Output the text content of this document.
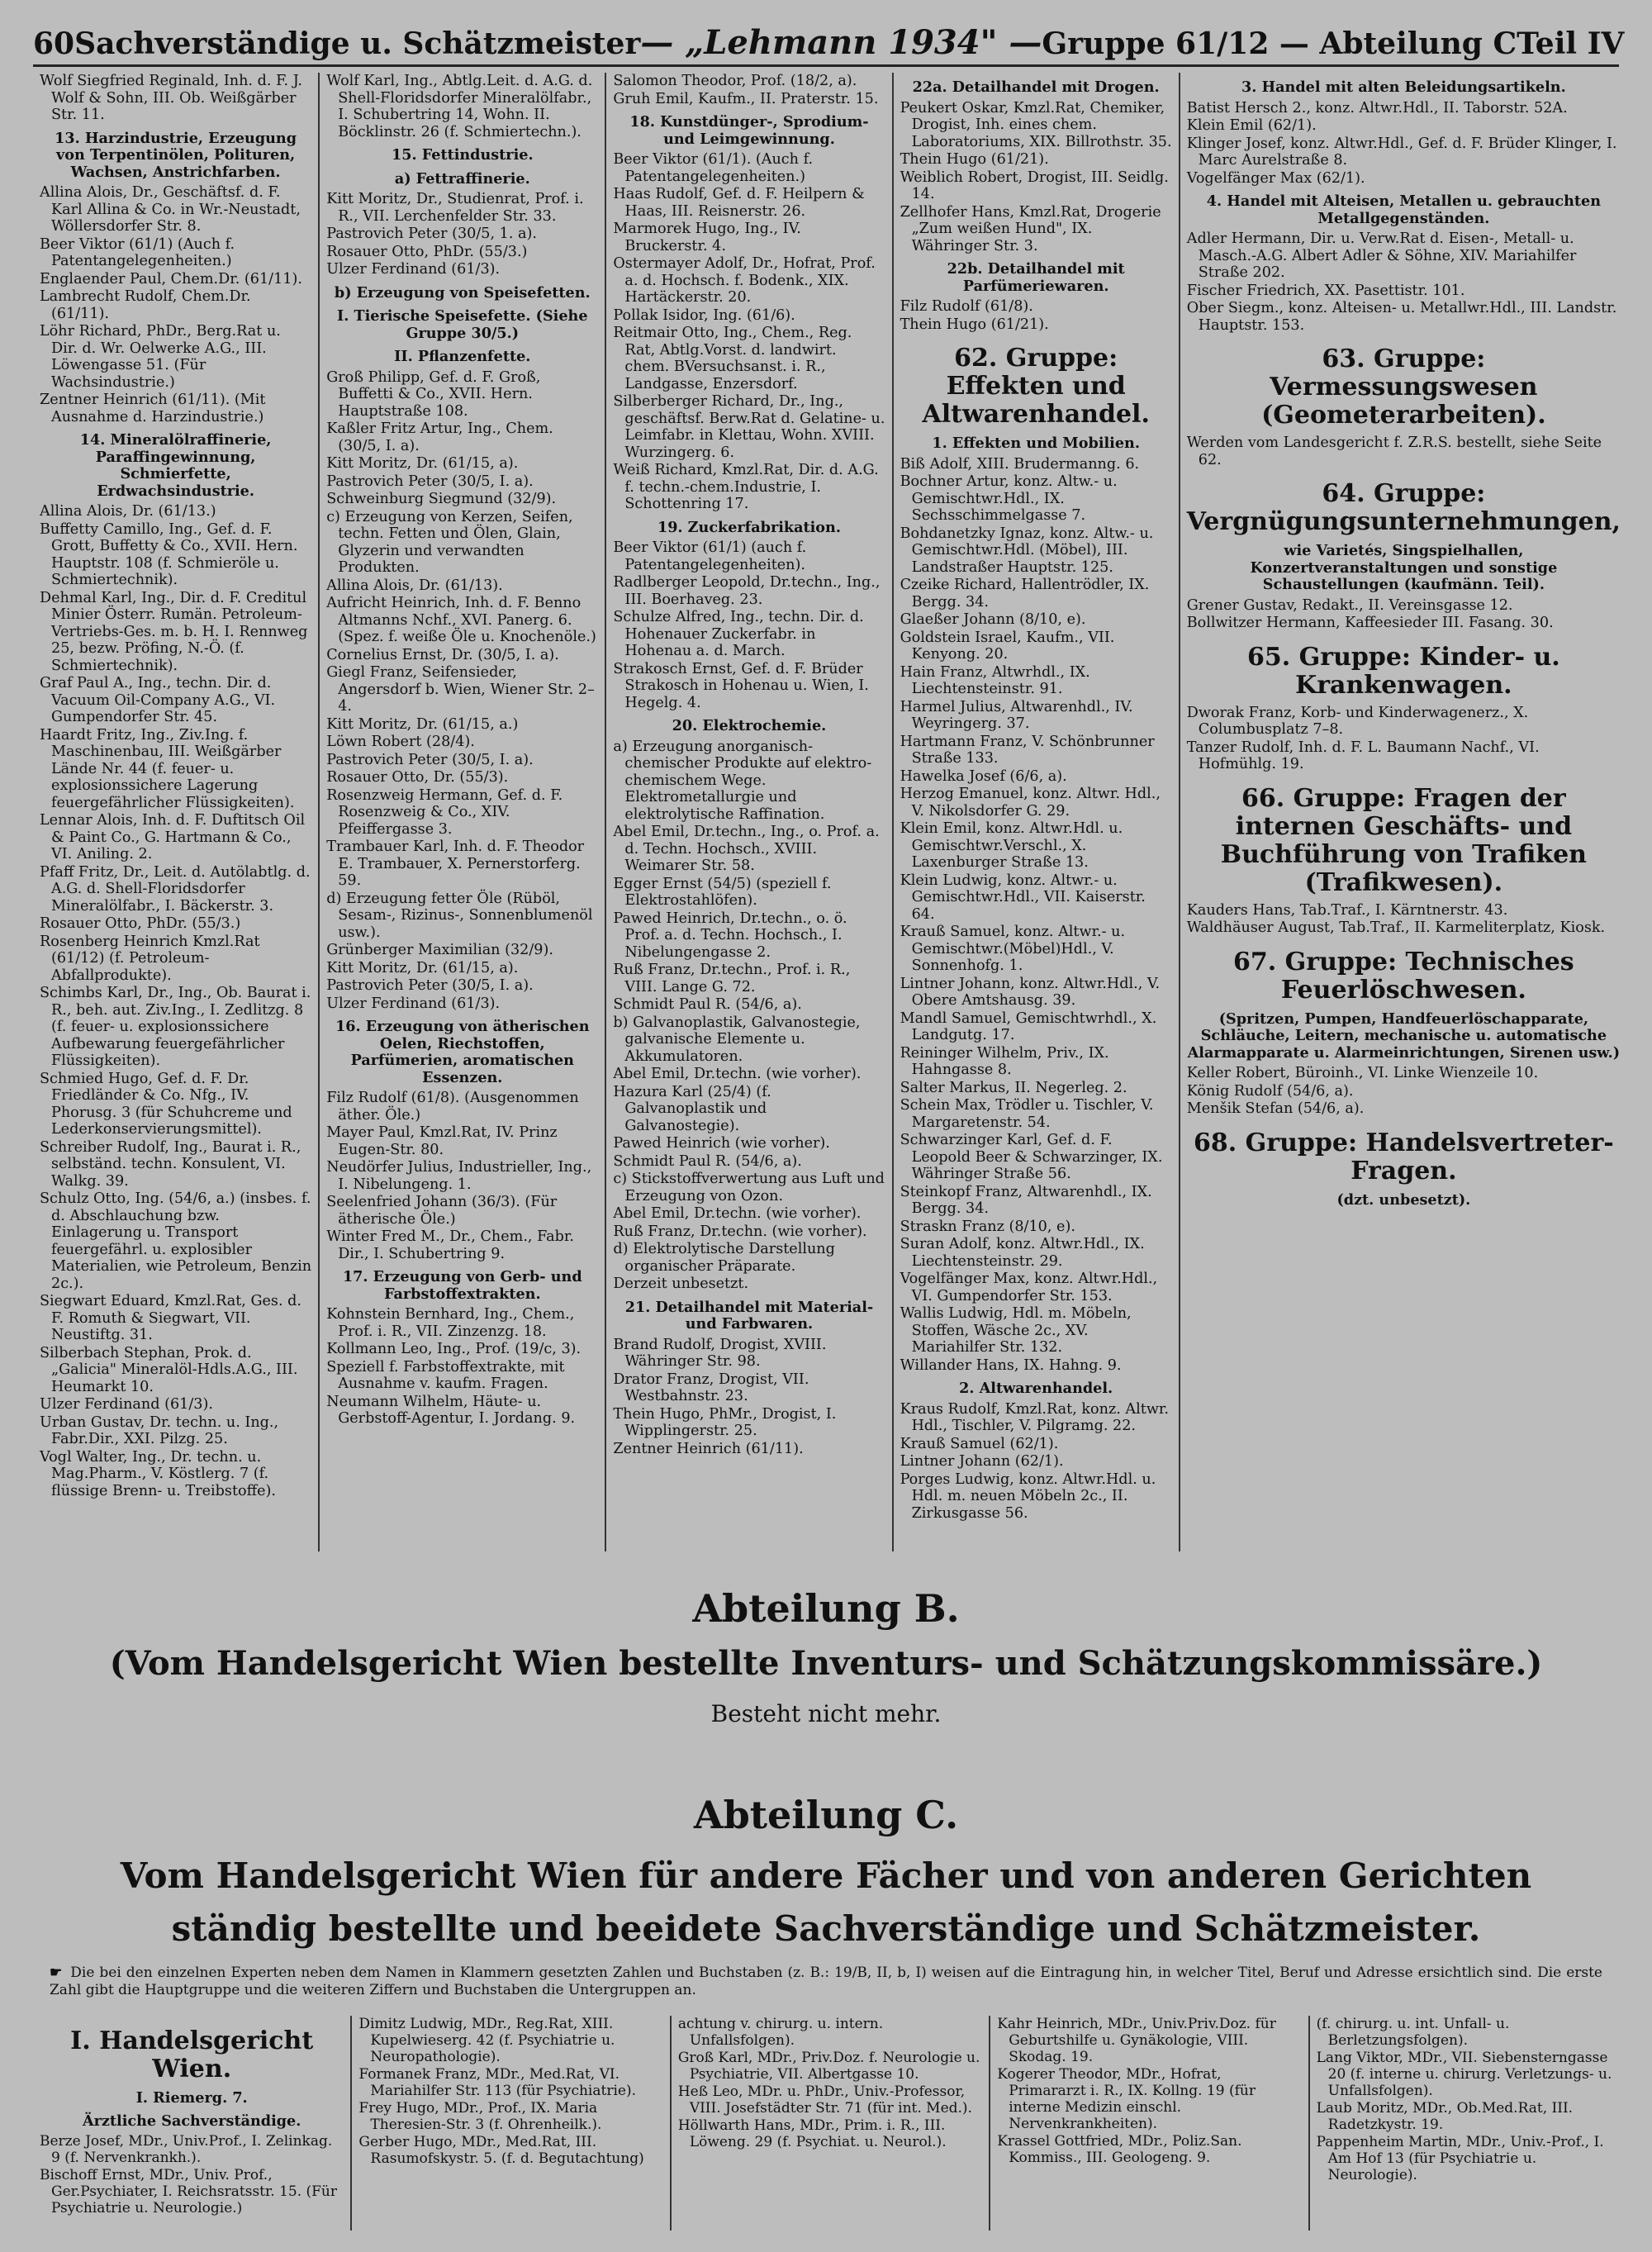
60 Sachverständige u. Schätzmeister — „Lehmann 1934" — Gruppe 61/12 — Abteilung C Teil IV
Wolf Siegfried Reginald, Inh. d. F. J. Wolf & Sohn, III. Ob. Weißgärber Str. 11.
13. Harzindustrie, Erzeugung von Terpentinölen, Polituren, Wachsen, Anstrichfarben.
Allina Alois, Dr., Geschäftsf. d. F. Karl Allina & Co. in Wr.-Neustadt, Wöllersdorfer Str. 8.
Beer Viktor (61/1) (Auch f. Patentangelegenheiten.)
Englaender Paul, Chem.Dr. (61/11).
Lambrecht Rudolf, Chem.Dr. (61/11).
Löhr Richard, PhDr., Berg.Rat u. Dir. d. Wr. Oelwerke A.G., III. Löwengasse 51. (Für Wachsindustrie.)
Zentner Heinrich (61/11). (Mit Ausnahme d. Harzindustrie.)
14. Mineralölraffinerie, Paraffingewinnung, Schmierfette, Erdwachsindustrie.
Allina Alois, Dr. (61/13.)
Buffetty Camillo, Ing., Gef. d. F. Grott, Buffetty & Co., XVII. Hern. Hauptstr. 108 (f. Schmieröle u. Schmiertechnik).
Dehmal Karl, Ing., Dir. d. F. Creditul Minier Österr. Rumän. Petroleum-Vertriebs-Ges. m. b. H. I. Rennweg 25, bezw. Pröfing, N.-Ö. (f. Schmiertechnik).
Graf Paul A., Ing., techn. Dir. d. Vacuum Oil-Company A.G., VI. Gumpendorfer Str. 45.
Haardt Fritz, Ing., Ziv.Ing. f. Maschinenbau, III. Weißgärber Lände Nr. 44 (f. feuer- u. explosionssichere Lagerung feuergefährlicher Flüssigkeiten).
Lennar Alois, Inh. d. F. Duftitsch Oil & Paint Co., G. Hartmann & Co., VI. Aniling. 2.
Pfaff Fritz, Dr., Leit. d. Autölabtlg. d. A.G. d. Shell-Floridsdorfer Mineralölfabr., I. Bäckerstr. 3.
Rosauer Otto, PhDr. (55/3.)
Rosenberg Heinrich Kmzl.Rat (61/12) (f. Petroleum-Abfallprodukte).
Schimbs Karl, Dr., Ing., Ob. Baurat i. R., beh. aut. Ziv.Ing., I. Zedlitzg. 8 (f. feuer- u. explosionssichere Aufbewarung feuergefährlicher Flüssigkeiten).
Schmied Hugo, Gef. d. F. Dr. Friedländer & Co. Nfg., IV. Phorusg. 3 (für Schuhcreme und Lederkonservierungsmittel).
Schreiber Rudolf, Ing., Baurat i. R., selbständ. techn. Konsulent, VI. Walkg. 39.
Schulz Otto, Ing. (54/6, a.) (insbes. f. d. Abschlauchung bzw. Einlagerung u. Transport feuergefährl. u. explosibler Materialien, wie Petroleum, Benzin 2c.).
Siegwart Eduard, Kmzl.Rat, Ges. d. F. Romuth & Siegwart, VII. Neustiftg. 31.
Silberbach Stephan, Prok. d. „Galicia" Mineralöl-Hdls.A.G., III. Heumarkt 10.
Ulzer Ferdinand (61/3).
Urban Gustav, Dr. techn. u. Ing., Fabr.Dir., XXI. Pilzg. 25.
Vogl Walter, Ing., Dr. techn. u. Mag.Pharm., V. Köstlerg. 7 (f. flüssige Brenn- u. Treibstoffe).
Wolf Karl, Ing., Abtlg.Leit. d. A.G. d. Shell-Floridsdorfer Mineralölfabr., I. Schubertring 14, Wohn. II. Böcklinstr. 26 (f. Schmiertechn.).
15. Fettindustrie.
a) Fettraffinerie.
Kitt Moritz, Dr., Studienrat, Prof. i. R., VII. Lerchenfelder Str. 33.
Pastrovich Peter (30/5, 1. a).
Rosauer Otto, PhDr. (55/3.)
Ulzer Ferdinand (61/3).
b) Erzeugung von Speisefetten.
I. Tierische Speisefette. (Siehe Gruppe 30/5.)
II. Pflanzenfette.
Groß Philipp, Gef. d. F. Groß, Buffetti & Co., XVII. Hern. Hauptstraße 108.
Kaßler Fritz Artur, Ing., Chem. (30/5, I. a).
Kitt Moritz, Dr. (61/15, a).
Pastrovich Peter (30/5, I. a).
Schweinburg Siegmund (32/9).
c) Erzeugung von Kerzen, Seifen, techn. Fetten und Ölen, Glain, Glyzerin und verwandten Produkten.
Allina Alois, Dr. (61/13).
Aufricht Heinrich, Inh. d. F. Benno Altmanns Nchf., XVI. Panerg. 6. (Spez. f. weiße Öle u. Knochenöle.)
Cornelius Ernst, Dr. (30/5, I. a).
Giegl Franz, Seifensieder, Angersdorf b. Wien, Wiener Str. 2–4.
Kitt Moritz, Dr. (61/15, a.)
Löwn Robert (28/4).
Pastrovich Peter (30/5, I. a).
Rosauer Otto, Dr. (55/3).
Rosenzweig Hermann, Gef. d. F. Rosenzweig & Co., XIV. Pfeiffergasse 3.
Trambauer Karl, Inh. d. F. Theodor E. Trambauer, X. Pernerstorferg. 59.
d) Erzeugung fetter Öle (Rüböl, Sesam-, Rizinus-, Sonnenblumenöl usw.).
Grünberger Maximilian (32/9).
Kitt Moritz, Dr. (61/15, a).
Pastrovich Peter (30/5, I. a).
Ulzer Ferdinand (61/3).
16. Erzeugung von ätherischen Oelen, Riechstoffen, Parfümerien, aromatischen Essenzen.
Filz Rudolf (61/8). (Ausgenommen äther. Öle.)
Mayer Paul, Kmzl.Rat, IV. Prinz Eugen-Str. 80.
Neudörfer Julius, Industrieller, Ing., I. Nibelungeng. 1.
Seelenfried Johann (36/3). (Für ätherische Öle.)
Winter Fred M., Dr., Chem., Fabr. Dir., I. Schubertring 9.
17. Erzeugung von Gerb- und Farbstoffextrakten.
Kohnstein Bernhard, Ing., Chem., Prof. i. R., VII. Zinzenzg. 18.
Kollmann Leo, Ing., Prof. (19/c, 3).
Speziell f. Farbstoffextrakte, mit Ausnahme v. kaufm. Fragen.
Neumann Wilhelm, Häute- u. Gerbstoff-Agentur, I. Jordang. 9.
Salomon Theodor, Prof. (18/2, a).
Gruh Emil, Kaufm., II. Praterstr. 15.
18. Kunstdünger-, Sprodium- und Leimgewinnung.
Beer Viktor (61/1). (Auch f. Patentangelegenheiten.)
Haas Rudolf, Gef. d. F. Heilpern & Haas, III. Reisnerstr. 26.
Marmorek Hugo, Ing., IV. Bruckerstr. 4.
Ostermayer Adolf, Dr., Hofrat, Prof. a. d. Hochsch. f. Bodenk., XIX. Hartäckerstr. 20.
Pollak Isidor, Ing. (61/6).
Reitmair Otto, Ing., Chem., Reg. Rat, Abtlg.Vorst. d. landwirt. chem. BVersuchsanst. i. R., Landgasse, Enzersdorf.
Silberberger Richard, Dr., Ing., geschäftsf. Berw.Rat d. Gelatine- u. Leimfabr. in Klettau, Wohn. XVIII. Wurzingerg. 6.
Weiß Richard, Kmzl.Rat, Dir. d. A.G. f. techn.-chem.Industrie, I. Schottenring 17.
19. Zuckerfabrikation.
Beer Viktor (61/1) (auch f. Patentangelegenheiten).
Radlberger Leopold, Dr.techn., Ing., III. Boerhaveg. 23.
Schulze Alfred, Ing., techn. Dir. d. Hohenauer Zuckerfabr. in Hohenau a. d. March.
Strakosch Ernst, Gef. d. F. Brüder Strakosch in Hohenau u. Wien, I. Hegelg. 4.
20. Elektrochemie.
a) Erzeugung anorganisch-chemischer Produkte auf elektro-chemischem Wege. Elektrometallurgie und elektrolytische Raffination.
Abel Emil, Dr.techn., Ing., o. Prof. a. d. Techn. Hochsch., XVIII. Weimarer Str. 58.
Egger Ernst (54/5) (speziell f. Elektrostahlöfen).
Pawed Heinrich, Dr.techn., o. ö. Prof. a. d. Techn. Hochsch., I. Nibelungengasse 2.
Ruß Franz, Dr.techn., Prof. i. R., VIII. Lange G. 72.
Schmidt Paul R. (54/6, a).
b) Galvanoplastik, Galvanostegie, galvanische Elemente u. Akkumulatoren.
Abel Emil, Dr.techn. (wie vorher).
Hazura Karl (25/4) (f. Galvanoplastik und Galvanostegie).
Pawed Heinrich (wie vorher).
Schmidt Paul R. (54/6, a).
c) Stickstoffverwertung aus Luft und Erzeugung von Ozon.
Abel Emil, Dr.techn. (wie vorher).
Ruß Franz, Dr.techn. (wie vorher).
d) Elektrolytische Darstellung organischer Präparate.
Derzeit unbesetzt.
21. Detailhandel mit Material- und Farbwaren.
Brand Rudolf, Drogist, XVIII. Währinger Str. 98.
Drator Franz, Drogist, VII. Westbahnstr. 23.
Thein Hugo, PhMr., Drogist, I. Wipplingerstr. 25.
Zentner Heinrich (61/11).
22a. Detailhandel mit Drogen.
Peukert Oskar, Kmzl.Rat, Chemiker, Drogist, Inh. eines chem. Laboratoriums, XIX. Billrothstr. 35.
Thein Hugo (61/21).
Weiblich Robert, Drogist, III. Seidlg. 14.
Zellhofer Hans, Kmzl.Rat, Drogerie „Zum weißen Hund", IX. Währinger Str. 3.
22b. Detailhandel mit Parfümeriewaren.
Filz Rudolf (61/8).
Thein Hugo (61/21).
62. Gruppe: Effekten und Altwarenhandel.
1. Effekten und Mobilien.
Biß Adolf, XIII. Brudermanng. 6.
Bochner Artur, konz. Altw.- u. Gemischtwr.Hdl., IX. Sechsschimmelgasse 7.
Bohdanetzky Ignaz, konz. Altw.- u. Gemischtwr.Hdl. (Möbel), III. Landstraßer Hauptstr. 125.
Czeike Richard, Hallentrödler, IX. Bergg. 34.
Glaeßer Johann (8/10, e).
Goldstein Israel, Kaufm., VII. Kenyong. 20.
Hain Franz, Altwrhdl., IX. Liechtensteinstr. 91.
Harmel Julius, Altwarenhdl., IV. Weyringerg. 37.
Hartmann Franz, V. Schönbrunner Straße 133.
Hawelka Josef (6/6, a).
Herzog Emanuel, konz. Altwr. Hdl., V. Nikolsdorfer G. 29.
Klein Emil, konz. Altwr.Hdl. u. Gemischtwr.Verschl., X. Laxenburger Straße 13.
Klein Ludwig, konz. Altwr.- u. Gemischtwr.Hdl., VII. Kaiserstr. 64.
Krauß Samuel, konz. Altwr.- u. Gemischtwr.(Möbel)Hdl., V. Sonnenhofg. 1.
Lintner Johann, konz. Altwr.Hdl., V. Obere Amtshausg. 39.
Mandl Samuel, Gemischtwrhdl., X. Landgutg. 17.
Reininger Wilhelm, Priv., IX. Hahngasse 8.
Salter Markus, II. Negerleg. 2.
Schein Max, Trödler u. Tischler, V. Margaretenstr. 54.
Schwarzinger Karl, Gef. d. F. Leopold Beer & Schwarzinger, IX. Währinger Straße 56.
Steinkopf Franz, Altwarenhdl., IX. Bergg. 34.
Straskn Franz (8/10, e).
Suran Adolf, konz. Altwr.Hdl., IX. Liechtensteinstr. 29.
Vogelfänger Max, konz. Altwr.Hdl., VI. Gumpendorfer Str. 153.
Wallis Ludwig, Hdl. m. Möbeln, Stoffen, Wäsche 2c., XV. Mariahilfer Str. 132.
Willander Hans, IX. Hahng. 9.
2. Altwarenhandel.
Kraus Rudolf, Kmzl.Rat, konz. Altwr. Hdl., Tischler, V. Pilgramg. 22.
Krauß Samuel (62/1).
Lintner Johann (62/1).
Porges Ludwig, konz. Altwr.Hdl. u. Hdl. m. neuen Möbeln 2c., II. Zirkusgasse 56.
3. Handel mit alten Beleidungsartikeln.
Batist Hersch 2., konz. Altwr.Hdl., II. Taborstr. 52A.
Klein Emil (62/1).
Klinger Josef, konz. Altwr.Hdl., Gef. d. F. Brüder Klinger, I. Marc Aurelstraße 8.
Vogelfänger Max (62/1).
4. Handel mit Alteisen, Metallen u. gebrauchten Metallgegenständen.
Adler Hermann, Dir. u. Verw.Rat d. Eisen-, Metall- u. Masch.-A.G. Albert Adler & Söhne, XIV. Mariahilfer Straße 202.
Fischer Friedrich, XX. Pasettistr. 101.
Ober Siegm., konz. Alteisen- u. Metallwr.Hdl., III. Landstr. Hauptstr. 153.
63. Gruppe: Vermessungswesen (Geometerarbeiten).
Werden vom Landesgericht f. Z.R.S. bestellt, siehe Seite 62.
64. Gruppe: Vergnügungsunternehmungen,
wie Varietés, Singspielhallen, Konzertveranstaltungen und sonstige Schaustellungen (kaufmänn. Teil).
Grener Gustav, Redakt., II. Vereinsgasse 12.
Bollwitzer Hermann, Kaffeesieder III. Fasang. 30.
65. Gruppe: Kinder- u. Krankenwagen.
Dworak Franz, Korb- und Kinderwagenerz., X. Columbusplatz 7–8.
Tanzer Rudolf, Inh. d. F. L. Baumann Nachf., VI. Hofmühlg. 19.
66. Gruppe: Fragen der internen Geschäfts- und Buchführung von Trafiken (Trafikwesen).
Kauders Hans, Tab.Traf., I. Kärntnerstr. 43.
Waldhäuser August, Tab.Traf., II. Karmeliterplatz, Kiosk.
67. Gruppe: Technisches Feuerlöschwesen.
(Spritzen, Pumpen, Handfeuerlöschapparate, Schläuche, Leitern, mechanische u. automatische Alarmapparate u. Alarmeinrichtungen, Sirenen usw.)
Keller Robert, Büroinh., VI. Linke Wienzeile 10.
König Rudolf (54/6, a).
Menšik Stefan (54/6, a).
68. Gruppe: Handelsvertreter-Fragen.
(dzt. unbesetzt).
Abteilung B.
(Vom Handelsgericht Wien bestellte Inventurs- und Schätzungskommissäre.)
Besteht nicht mehr.
Abteilung C.
Vom Handelsgericht Wien für andere Fächer und von anderen Gerichten
ständig bestellte und beeidete Sachverständige und Schätzmeister.
☛ Die bei den einzelnen Experten neben dem Namen in Klammern gesetzten Zahlen und Buchstaben (z. B.: 19/B, II, b, I) weisen auf die Eintragung hin, in welcher Titel, Beruf und Adresse ersichtlich sind. Die erste Zahl gibt die Hauptgruppe und die weiteren Ziffern und Buchstaben die Untergruppen an.
I. Handelsgericht Wien.
I. Riemerg. 7.
Ärztliche Sachverständige.
Berze Josef, MDr., Univ.Prof., I. Zelinkag. 9 (f. Nervenkrankh.).
Bischoff Ernst, MDr., Univ. Prof., Ger.Psychiater, I. Reichsratsstr. 15. (Für Psychiatrie u. Neurologie.)
Dimitz Ludwig, MDr., Reg.Rat, XIII. Kupelwieserg. 42 (f. Psychiatrie u. Neuropathologie).
Formanek Franz, MDr., Med.Rat, VI. Mariahilfer Str. 113 (für Psychiatrie).
Frey Hugo, MDr., Prof., IX. Maria Theresien-Str. 3 (f. Ohrenheilk.).
Gerber Hugo, MDr., Med.Rat, III. Rasumofskystr. 5. (f. d. Begutachtung)
achtung v. chirurg. u. intern. Unfallsfolgen).
Groß Karl, MDr., Priv.Doz. f. Neurologie u. Psychiatrie, VII. Albertgasse 10.
Heß Leo, MDr. u. PhDr., Univ.-Professor, VIII. Josefstädter Str. 71 (für int. Med.).
Höllwarth Hans, MDr., Prim. i. R., III. Löweng. 29 (f. Psychiat. u. Neurol.).
Kahr Heinrich, MDr., Univ.Priv.Doz. für Geburtshilfe u. Gynäkologie, VIII. Skodag. 19.
Kogerer Theodor, MDr., Hofrat, Primararzt i. R., IX. Kollng. 19 (für interne Medizin einschl. Nervenkrankheiten).
Krassel Gottfried, MDr., Poliz.San. Kommiss., III. Geologeng. 9.
(f. chirurg. u. int. Unfall- u. Berletzungsfolgen).
Lang Viktor, MDr., VII. Siebensterngasse 20 (f. interne u. chirurg. Verletzungs- u. Unfallsfolgen).
Laub Moritz, MDr., Ob.Med.Rat, III. Radetzkystr. 19.
Pappenheim Martin, MDr., Univ.-Prof., I. Am Hof 13 (für Psychiatrie u. Neurologie).
